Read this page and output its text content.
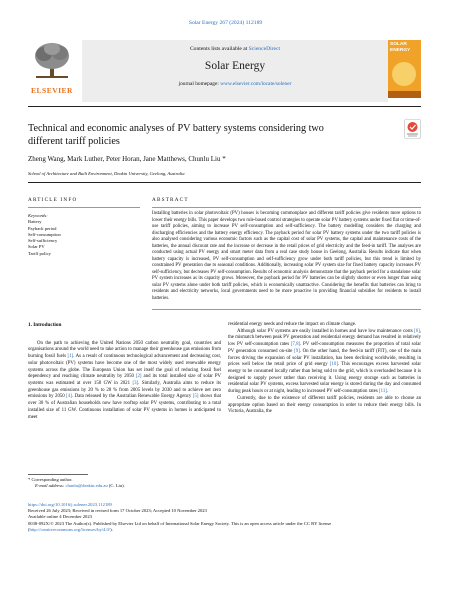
Solar Energy 267 (2024) 112189
ELSEVIER
Contents lists available at ScienceDirect
Solar Energy
journal homepage: www.elsevier.com/locate/solener
SOLAR ENERGY
Technical and economic analyses of PV battery systems considering two different tariff policies
Zheng Wang, Mark Luther, Peter Horan, Jane Matthews, Chunlu Liu *
School of Architecture and Built Environment, Deakin University, Geelong, Australia
ARTICLE INFO	ABSTRACT
Keywords:
Battery
Payback period
Self-consumption
Self-sufficiency
Solar PV
Tariff policy
Installing batteries in solar photovoltaic (PV) houses is becoming commonplace and different tariff policies give residents more options to lower their energy bills. This paper develops two rule-based control strategies to operate solar PV battery systems under fixed flat or time-of-use tariff policies, aiming to increase PV self-consumption and self-sufficiency. The battery modelling considers the charging and discharging efficiencies and the battery energy efficiency. The payback period for solar PV battery systems under the two tariff policies is also analysed considering various economic factors such as the capital cost of solar PV systems, the capital and maintenance costs of the batteries, the annual discount rate and the increase or decrease in the retail prices of grid electricity and the feed-in tariff. The analyses are conducted using actual PV energy and smart meter data from a real case study house in Geelong, Australia. Results indicate that when battery capacity is increased, PV self-consumption and self-sufficiency grow under both tariff policies, but this trend is limited by constrained PV generation due to seasonal conditions. Additionally, increasing solar PV system size for fixed battery capacity increases PV self-sufficiency, but decreases PV self-consumption. Results of economic analysis demonstrate that the payback period for a standalone solar PV system increases as its capacity grows. Moreover, the payback period for PV batteries can be slightly shorter or even longer than using solar PV systems alone under both tariff policies, which is economically unattractive. Considering the benefits that batteries can bring to residents and electricity networks, local governments need to be more proactive in providing financial subsidies for residents to install batteries.
1. Introduction

On the path to achieving the United Nations 2050 carbon neutrality goal, countries and organisations around the world need to take action to manage their greenhouse gas emissions from burning fossil fuels [1]. As a result of continuous technological advancement and decreasing cost, solar photovoltaic (PV) systems have become one of the most widely used renewable energy systems across the globe. The European Union has set itself the goal of reducing fossil fuel dependency and reaching climate neutrality by 2050 [2] and its total installed size of solar PV systems was estimated at over 158 GW in 2021 [3]. Similarly, Australia aims to reduce its greenhouse gas emissions by 20 % to 28 % from 2005 levels by 2030 and to achieve net zero emissions by 2050 [4]. Data released by the Australian Renewable Energy Agency [5] shows that over 30 % of Australian households now have rooftop solar PV systems, contributing to a total installed size of 11 GW. Continuous installation of solar PV systems in homes is anticipated to meet

residential energy needs and reduce the impact on climate change.

Although solar PV systems are easily installed in homes and have low maintenance costs [6], the mismatch between peak PV generation and residential energy demand has resulted in relatively low PV self-consumption rates [7,8]. PV self-consumption measures the proportion of total solar PV generation consumed on-site [9]. On the other hand, the feed-in tariff (FIT), one of the main forces driving the expansion of solar PV installation, has been declining worldwide, resulting in prices well below the retail price of grid energy [10]. This encourages excess harvested solar energy to be consumed locally rather than being sold to the grid, which is overloaded because it is designed to supply power rather than receiving it. Using energy storage such as batteries in residential solar PV systems, excess harvested solar energy is stored during the day and consumed during peak hours or at night, leading to increased PV self-consumption rates [11].

Currently, due to the existence of different tariff policies, residents are able to choose an appropriate option based on their energy consumption in order to reduce their energy bills. In Victoria, Australia, the

* Corresponding author.
E-mail address: chunlu@deakin.edu.au (C. Liu).
https://doi.org/10.1016/j.solener.2023.112189
Received 26 July 2023; Received in revised form 17 October 2023; Accepted 10 November 2023
Available online 4 December 2023
0038-092X/© 2023 The Author(s). Published by Elsevier Ltd on behalf of International Solar Energy Society. This is an open access article under the CC BY license
(http://creativecommons.org/licenses/by/4.0/).
